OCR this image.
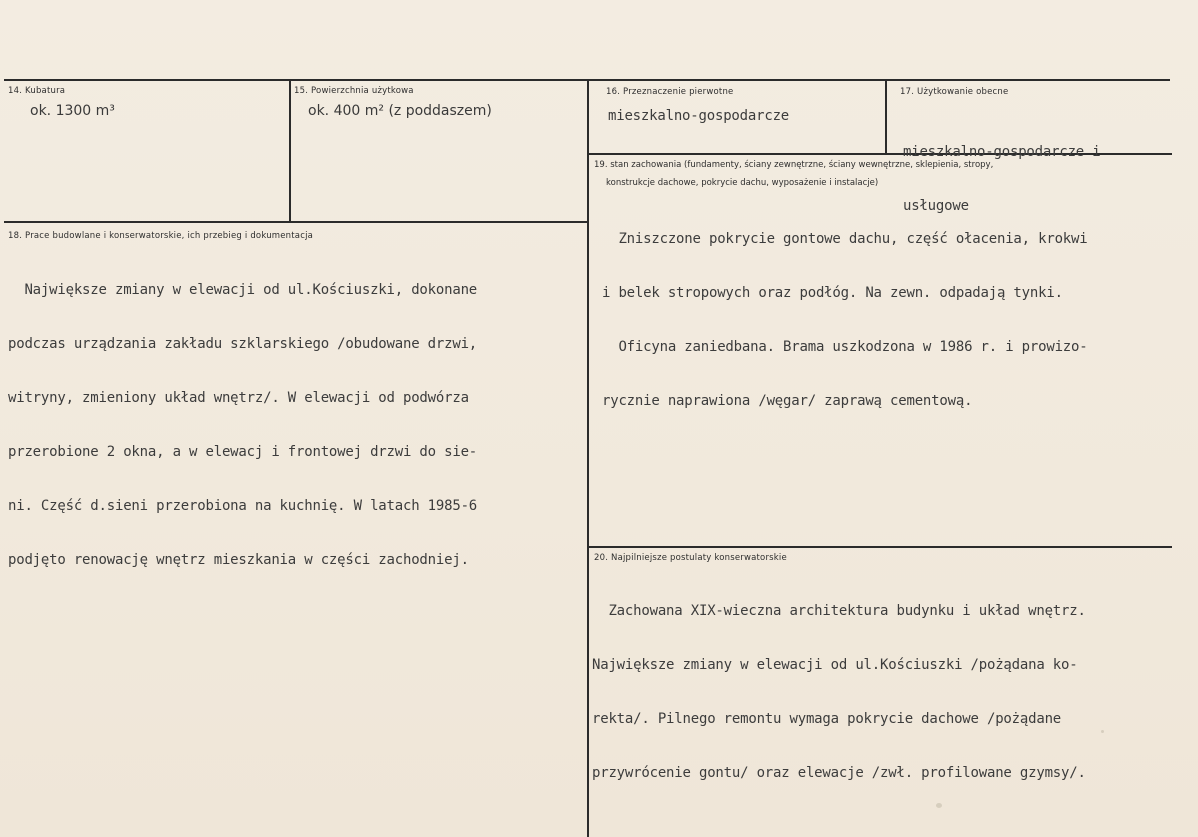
14. Kubatura
ok. 1300 m³
15. Powierzchnia użytkowa
ok. 400 m² (z poddaszem)
16. Przeznaczenie pierwotne
mieszkalno-gospodarcze
17. Użytkowanie obecne

mieszkalno-gospodarcze i

usługowe

18. Prace budowlane i konserwatorskie, ich przebieg i dokumentacja

Największe zmiany w elewacji od ul.Kościuszki, dokonane

podczas urządzania zakładu szklarskiego /obudowane drzwi,

witryny, zmieniony układ wnętrz/. W elewacji od podwórza

przerobione 2 okna, a w elewacj i frontowej drzwi do sie-

ni. Część d.sieni przerobiona na kuchnię. W latach 1985-6

podjęto renowację wnętrz mieszkania w części zachodniej.

19. stan zachowania (fundamenty, ściany zewnętrzne, ściany wewnętrzne, sklepienia, stropy,
konstrukcje dachowe, pokrycie dachu, wyposażenie i instalacje)

Zniszczone pokrycie gontowe dachu, część ołacenia, krokwi

i belek stropowych oraz podłóg. Na zewn. odpadają tynki.

Oficyna zaniedbana. Brama uszkodzona w 1986 r. i prowizo-

rycznie naprawiona /węgar/ zaprawą cementową.

20. Najpilniejsze postulaty konserwatorskie

Zachowana XIX-wieczna architektura budynku i układ wnętrz.

Największe zmiany w elewacji od ul.Kościuszki /pożądana ko-

rekta/. Pilnego remontu wymaga pokrycie dachowe /pożądane

przywrócenie gontu/ oraz elewacje /zwł. profilowane gzymsy/.
